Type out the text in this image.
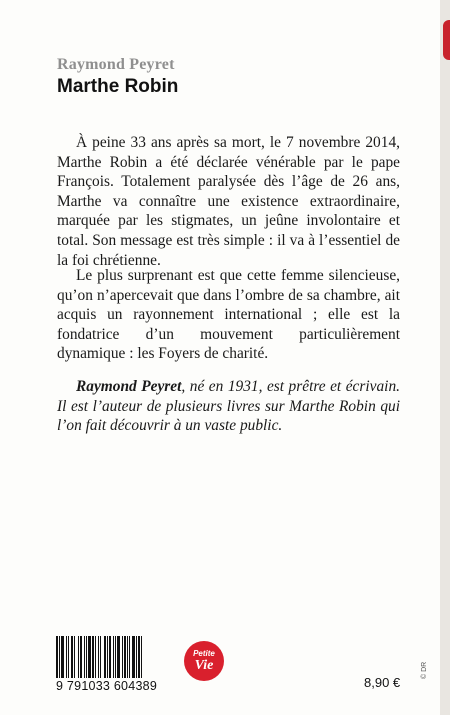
Raymond Peyret
Marthe Robin

À peine 33 ans après sa mort, le 7 novembre 2014, Marthe Robin a été déclarée vénérable par le pape François. Totalement paralysée dès l’âge de 26 ans, Marthe va connaître une existence extraordinaire, marquée par les stigmates, un jeûne involontaire et total. Son message est très simple : il va à l’essentiel de la foi chrétienne.

Le plus surprenant est que cette femme silencieuse, qu’on n’apercevait que dans l’ombre de sa chambre, ait acquis un rayonnement international ; elle est la fondatrice d’un mouvement particulièrement dynamique : les Foyers de charité.

Raymond Peyret, né en 1931, est prêtre et écrivain. Il est l’auteur de plusieurs livres sur Marthe Robin qui l’on fait découvrir à un vaste public.

9 791033 604389
Petite
Vie
8,90 €
© DR
